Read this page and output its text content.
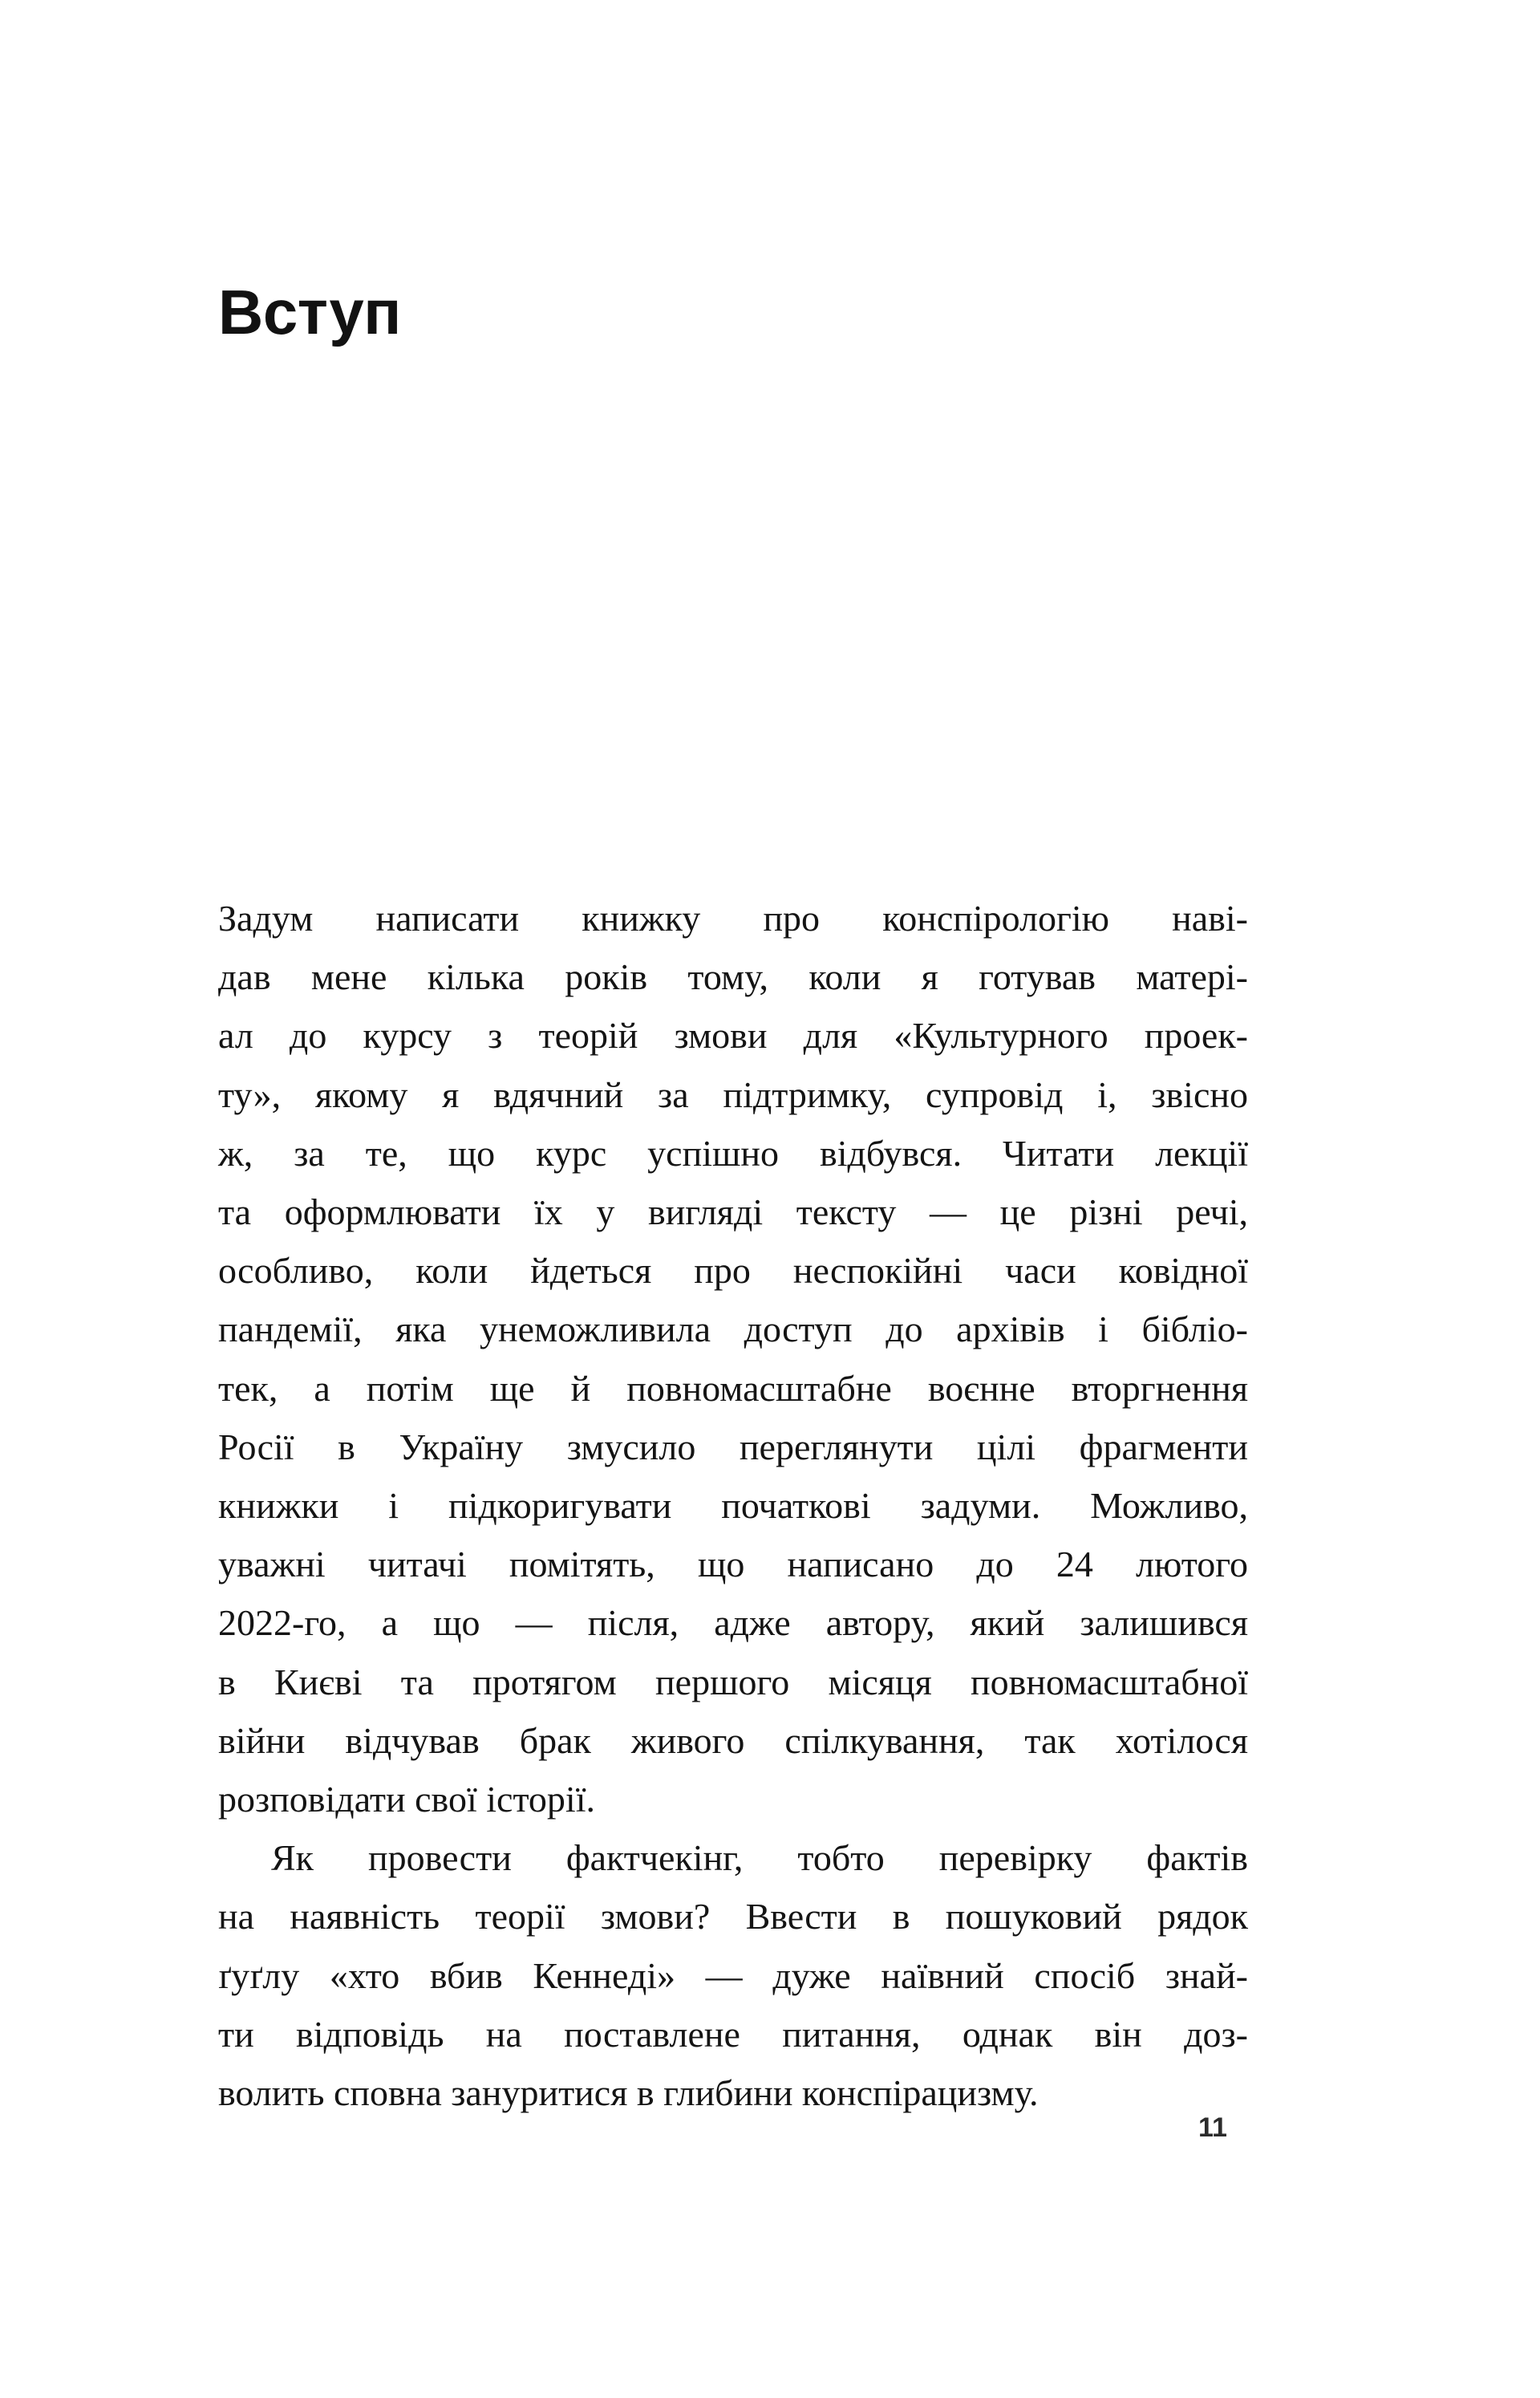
Вступ

Задум написати книжку про конспірологію наві-
дав мене кілька років тому, коли я готував матері-
ал до курсу з теорій змови для «Культурного проек-
ту», якому я вдячний за підтримку, супровід і, звісно
ж, за те, що курс успішно відбувся. Читати лекції
та оформлювати їх у вигляді тексту — це різні речі,
особливо, коли йдеться про неспокійні часи ковідної
пандемії, яка унеможливила доступ до архівів і бібліо-
тек, а потім ще й повномасштабне воєнне вторгнення
Росії в Україну змусило переглянути цілі фрагменти
книжки і підкоригувати початкові задуми. Можливо,
уважні читачі помітять, що написано до 24 лютого
2022-го, а що — після, адже автору, який залишився
в Києві та протягом першого місяця повномасштабної
війни відчував брак живого спілкування, так хотілося
розповідати свої історії.

Як провести фактчекінг, тобто перевірку фактів
на наявність теорії змови? Ввести в пошуковий рядок
ґуґлу «хто вбив Кеннеді» — дуже наївний спосіб знай-
ти відповідь на поставлене питання, однак він доз-
волить сповна зануритися в глибини конспірацизму.

11
